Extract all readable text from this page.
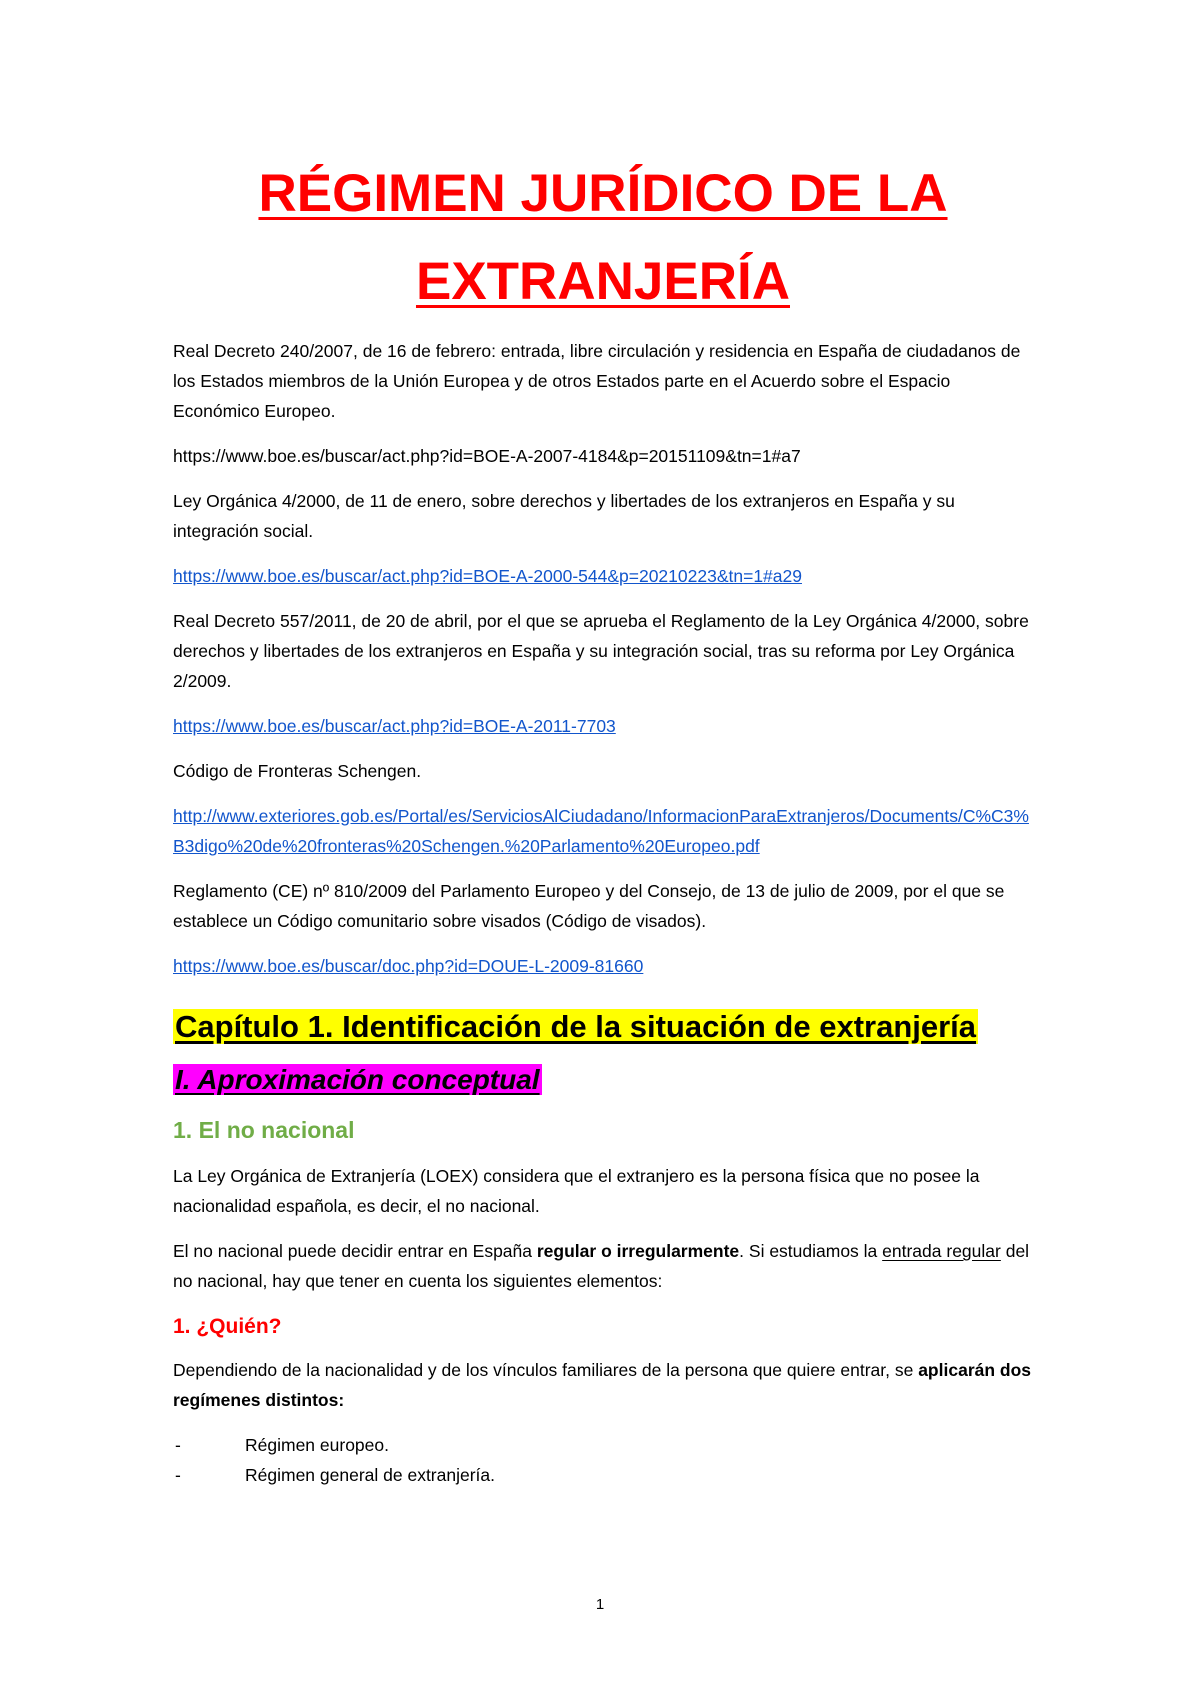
RÉGIMEN JURÍDICO DE LA
EXTRANJERÍA

Real Decreto 240/2007, de 16 de febrero: entrada, libre circulación y residencia en España de ciudadanos de los Estados miembros de la Unión Europea y de otros Estados parte en el Acuerdo sobre el Espacio Económico Europeo.

https://www.boe.es/buscar/act.php?id=BOE-A-2007-4184&p=20151109&tn=1#a7

Ley Orgánica 4/2000, de 11 de enero, sobre derechos y libertades de los extranjeros en España y su integración social.

https://www.boe.es/buscar/act.php?id=BOE-A-2000-544&p=20210223&tn=1#a29

Real Decreto 557/2011, de 20 de abril, por el que se aprueba el Reglamento de la Ley Orgánica 4/2000, sobre derechos y libertades de los extranjeros en España y su integración social, tras su reforma por Ley Orgánica 2/2009.

https://www.boe.es/buscar/act.php?id=BOE-A-2011-7703

Código de Fronteras Schengen.

http://www.exteriores.gob.es/Portal/es/ServiciosAlCiudadano/InformacionParaExtranjeros/Documents/C%C3%B3digo%20de%20fronteras%20Schengen.%20Parlamento%20Europeo.pdf

Reglamento (CE) nº 810/2009 del Parlamento Europeo y del Consejo, de 13 de julio de 2009, por el que se establece un Código comunitario sobre visados (Código de visados).

https://www.boe.es/buscar/doc.php?id=DOUE-L-2009-81660

Capítulo 1. Identificación de la situación de extranjería
I. Aproximación conceptual
1. El no nacional

La Ley Orgánica de Extranjería (LOEX) considera que el extranjero es la persona física que no posee la nacionalidad española, es decir, el no nacional.

El no nacional puede decidir entrar en España regular o irregularmente. Si estudiamos la entrada regular del no nacional, hay que tener en cuenta los siguientes elementos:

1. ¿Quién?

Dependiendo de la nacionalidad y de los vínculos familiares de la persona que quiere entrar, se aplicarán dos regímenes distintos:

-	Régimen europeo.
-	Régimen general de extranjería.
1
